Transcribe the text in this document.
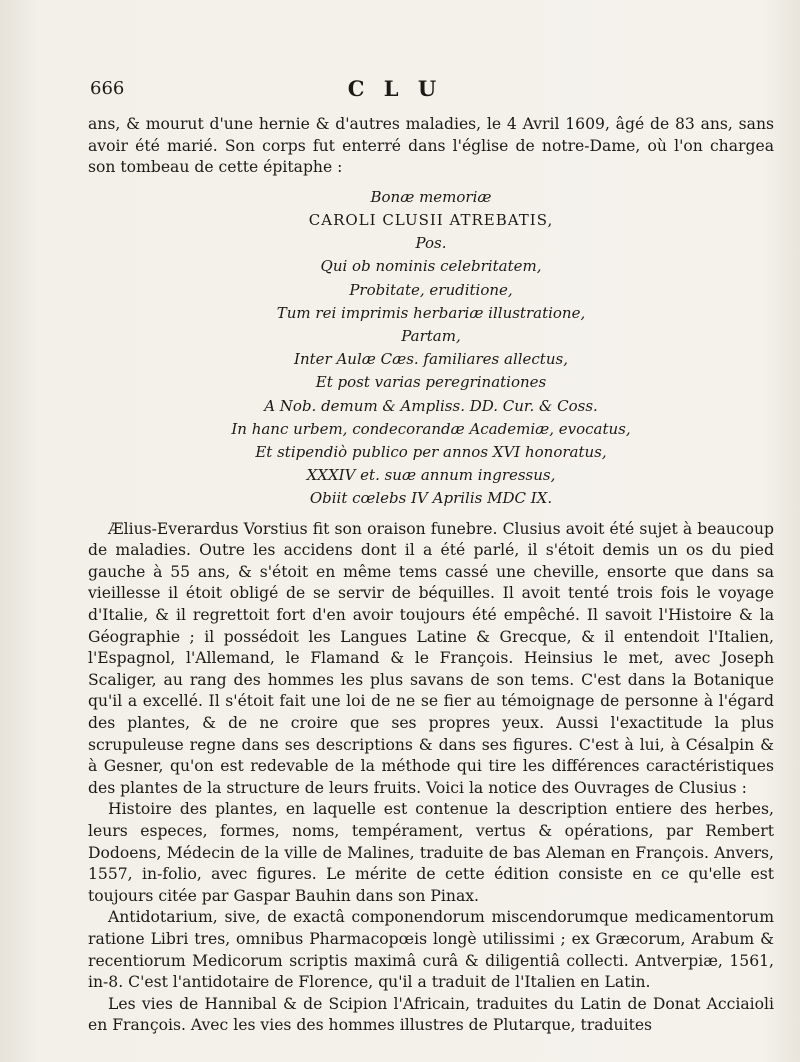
666	C L U

ans, & mourut d'une hernie & d'autres maladies, le 4 Avril 1609, âgé de 83 ans, sans avoir été marié. Son corps fut enterré dans l'église de notre-Dame, où l'on chargea son tombeau de cette épitaphe :

Bonæ memoriæ
CAROLI CLUSII ATREBATIS,
Pos.
Qui ob nominis celebritatem,
Probitate, eruditione,
Tum rei imprimis herbariæ illustratione,
Partam,
Inter Aulæ Cæs. familiares allectus,
Et post varias peregrinationes
A Nob. demum & Ampliss. DD. Cur. & Coss.
In hanc urbem, condecorandæ Academiæ, evocatus,
Et stipendiò publico per annos XVI honoratus,
XXXIV et. suæ annum ingressus,
Obiit cœlebs IV Aprilis MDC IX.

Ælius-Everardus Vorstius fit son oraison funebre. Clusius avoit été sujet à beaucoup de maladies. Outre les accidens dont il a été parlé, il s'étoit demis un os du pied gauche à 55 ans, & s'étoit en même tems cassé une cheville, ensorte que dans sa vieillesse il étoit obligé de se servir de béquilles. Il avoit tenté trois fois le voyage d'Italie, & il regrettoit fort d'en avoir toujours été empêché. Il savoit l'Histoire & la Géographie ; il possédoit les Langues Latine & Grecque, & il entendoit l'Italien, l'Espagnol, l'Allemand, le Flamand & le François. Heinsius le met, avec Joseph Scaliger, au rang des hommes les plus savans de son tems. C'est dans la Botanique qu'il a excellé. Il s'étoit fait une loi de ne se fier au témoignage de personne à l'égard des plantes, & de ne croire que ses propres yeux. Aussi l'exactitude la plus scrupuleuse regne dans ses descriptions & dans ses figures. C'est à lui, à Césalpin & à Gesner, qu'on est redevable de la méthode qui tire les différences caractéristiques des plantes de la structure de leurs fruits. Voici la notice des Ouvrages de Clusius :

Histoire des plantes, en laquelle est contenue la description entiere des herbes, leurs especes, formes, noms, tempérament, vertus & opérations, par Rembert Dodoens, Médecin de la ville de Malines, traduite de bas Aleman en François. Anvers, 1557, in-folio, avec figures. Le mérite de cette édition consiste en ce qu'elle est toujours citée par Gaspar Bauhin dans son Pinax.

Antidotarium, sive, de exactâ componendorum miscendorumque medicamentorum ratione Libri tres, omnibus Pharmacopœis longè utilissimi ; ex Græcorum, Arabum & recentiorum Medicorum scriptis maximâ curâ & diligentiâ collecti. Antverpiæ, 1561, in-8. C'est l'antidotaire de Florence, qu'il a traduit de l'Italien en Latin.

Les vies de Hannibal & de Scipion l'Africain, traduites du Latin de Donat Acciaioli en François. Avec les vies des hommes illustres de Plutarque, traduites
